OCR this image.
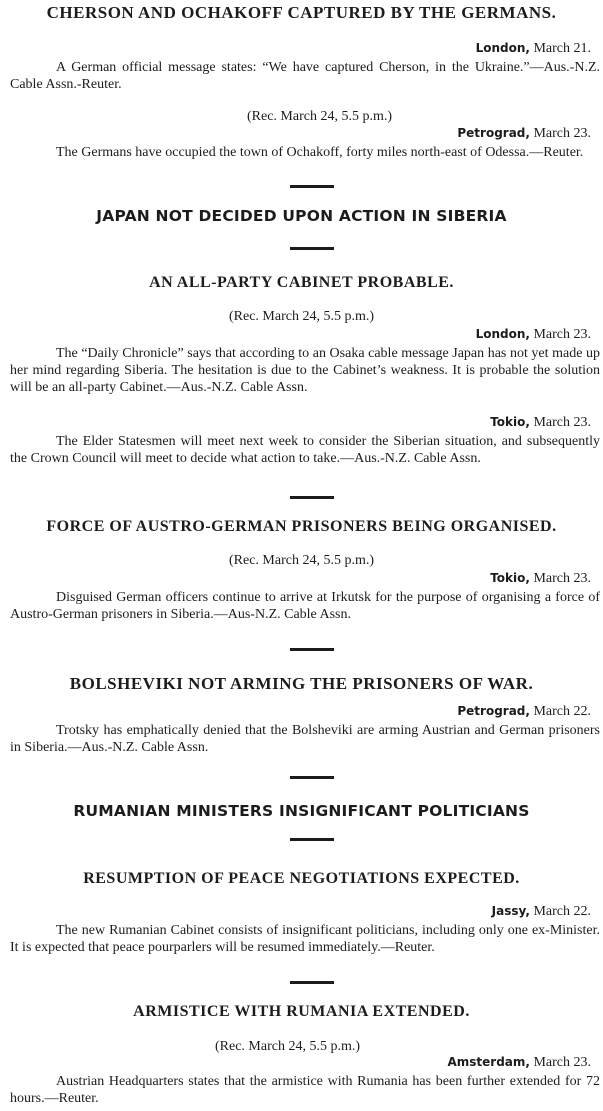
CHERSON AND OCHAKOFF CAPTURED BY THE GERMANS.
London, March 21.

A German official message states: “We have captured Cherson, in the Ukraine.”—Aus.-N.Z. Cable Assn.-Reuter.

(Rec. March 24, 5.5 p.m.)
Petrograd, March 23.

The Germans have occupied the town of Ochakoff, forty miles north-east of Odessa.—Reuter.

JAPAN NOT DECIDED UPON ACTION IN SIBERIA
AN ALL-PARTY CABINET PROBABLE.
(Rec. March 24, 5.5 p.m.)
London, March 23.

The “Daily Chronicle” says that according to an Osaka cable message Japan has not yet made up her mind regarding Siberia. The hesitation is due to the Cabinet’s weakness. It is probable the solution will be an all-party Cabinet.—Aus.-N.Z. Cable Assn.

Tokio, March 23.

The Elder Statesmen will meet next week to consider the Siberian situation, and subsequently the Crown Council will meet to decide what action to take.—Aus.-N.Z. Cable Assn.

FORCE OF AUSTRO-GERMAN PRISONERS BEING ORGANISED.
(Rec. March 24, 5.5 p.m.)
Tokio, March 23.

Disguised German officers continue to arrive at Irkutsk for the purpose of organising a force of Austro-German prisoners in Siberia.—Aus-N.Z. Cable Assn.

BOLSHEVIKI NOT ARMING THE PRISONERS OF WAR.
Petrograd, March 22.

Trotsky has emphatically denied that the Bolsheviki are arming Austrian and German prisoners in Siberia.—Aus.-N.Z. Cable Assn.

RUMANIAN MINISTERS INSIGNIFICANT POLITICIANS
RESUMPTION OF PEACE NEGOTIATIONS EXPECTED.
Jassy, March 22.

The new Rumanian Cabinet consists of insignificant politicians, including only one ex-Minister. It is expected that peace pourparlers will be resumed immediately.—Reuter.

ARMISTICE WITH RUMANIA EXTENDED.
(Rec. March 24, 5.5 p.m.)
Amsterdam, March 23.

Austrian Headquarters states that the armistice with Rumania has been further extended for 72 hours.—Reuter.
